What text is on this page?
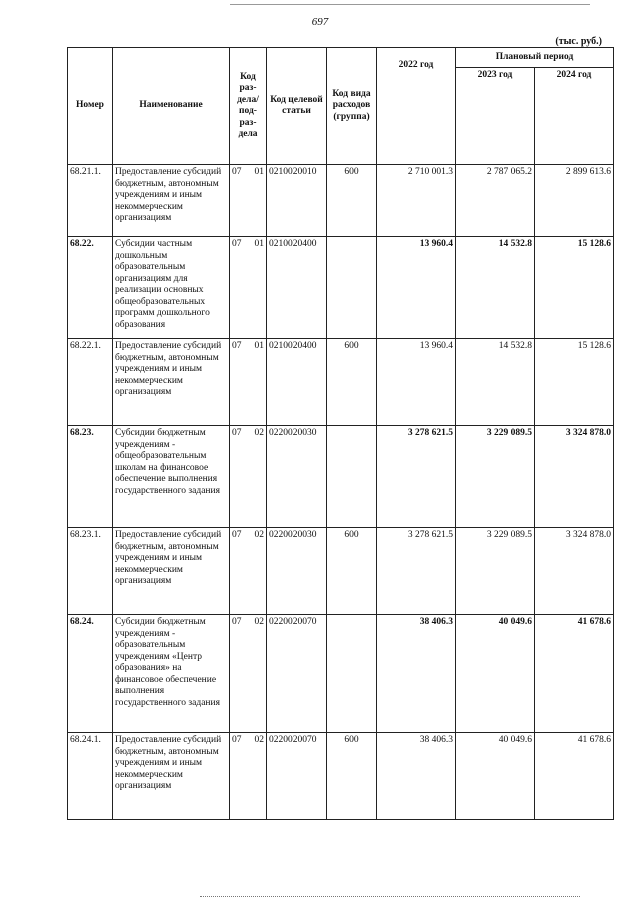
697
(тыс. руб.)
Номер	Наименование	Код раз-дела/ под-раз-дела	Код целевой статьи	Код вида расходов (группа)	2022 год	Плановый период	
						2023 год	2024 год
68.21.1.	Предоставление субсидий бюджетным, автономным учреждениям и иным некоммерческим организациям	07 01	0210020010	600	2 710 001.3	2 787 065.2	2 899 613.6
68.22.	Субсидии частным дошкольным образовательным организациям для реализации основных общеобразовательных программ дошкольного образования	07 01	0210020400		13 960.4	14 532.8	15 128.6
68.22.1.	Предоставление субсидий бюджетным, автономным учреждениям и иным некоммерческим организациям	07 01	0210020400	600	13 960.4	14 532.8	15 128.6
68.23.	Субсидии бюджетным учреждениям - общеобразовательным школам на финансовое обеспечение выполнения государственного задания	07 02	0220020030		3 278 621.5	3 229 089.5	3 324 878.0
68.23.1.	Предоставление субсидий бюджетным, автономным учреждениям и иным некоммерческим организациям	07 02	0220020030	600	3 278 621.5	3 229 089.5	3 324 878.0
68.24.	Субсидии бюджетным учреждениям - образовательным учреждениям «Центр образования» на финансовое обеспечение выполнения государственного задания	07 02	0220020070		38 406.3	40 049.6	41 678.6
68.24.1.	Предоставление субсидий бюджетным, автономным учреждениям и иным некоммерческим организациям	07 02	0220020070	600	38 406.3	40 049.6	41 678.6
